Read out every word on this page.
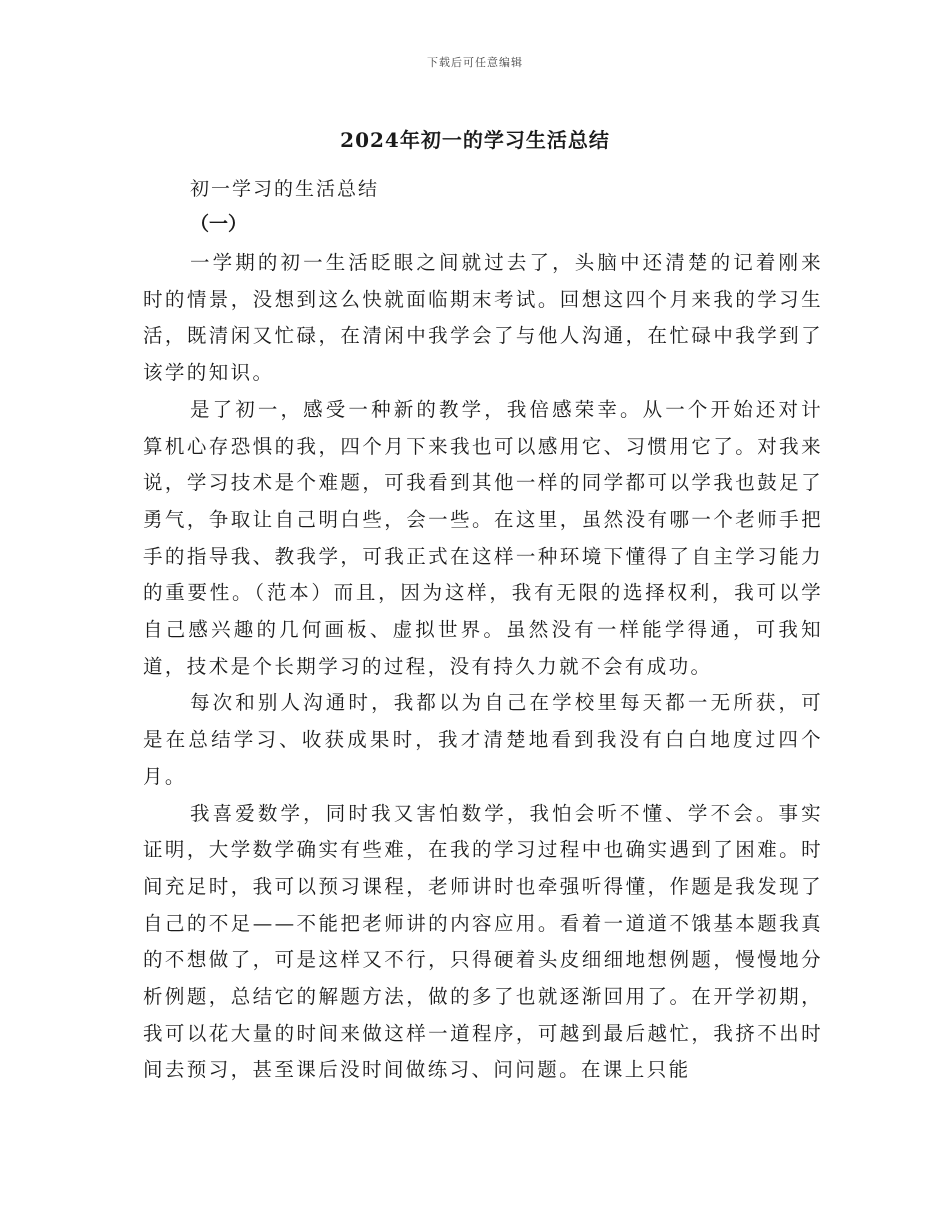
下载后可任意编辑
2024年初一的学习生活总结
初一学习的生活总结
（一）

一学期的初一生活眨眼之间就过去了，头脑中还清楚的记着刚来时的情景，没想到这么快就面临期末考试。回想这四个月来我的学习生活，既清闲又忙碌，在清闲中我学会了与他人沟通，在忙碌中我学到了该学的知识。

是了初一，感受一种新的教学，我倍感荣幸。从一个开始还对计算机心存恐惧的我，四个月下来我也可以感用它、习惯用它了。对我来说，学习技术是个难题，可我看到其他一样的同学都可以学我也鼓足了勇气，争取让自己明白些，会一些。在这里，虽然没有哪一个老师手把手的指导我、教我学，可我正式在这样一种环境下懂得了自主学习能力的重要性。（范本）而且，因为这样，我有无限的选择权利，我可以学自己感兴趣的几何画板、虚拟世界。虽然没有一样能学得通，可我知道，技术是个长期学习的过程，没有持久力就不会有成功。

每次和别人沟通时，我都以为自己在学校里每天都一无所获，可是在总结学习、收获成果时，我才清楚地看到我没有白白地度过四个月。

我喜爱数学，同时我又害怕数学，我怕会听不懂、学不会。事实证明，大学数学确实有些难，在我的学习过程中也确实遇到了困难。时间充足时，我可以预习课程，老师讲时也牵强听得懂，作题是我发现了自己的不足——不能把老师讲的内容应用。看着一道道不饿基本题我真的不想做了，可是这样又不行，只得硬着头皮细细地想例题，慢慢地分析例题，总结它的解题方法，做的多了也就逐渐回用了。在开学初期，我可以花大量的时间来做这样一道程序，可越到最后越忙，我挤不出时间去预习，甚至课后没时间做练习、问问题。在课上只能
